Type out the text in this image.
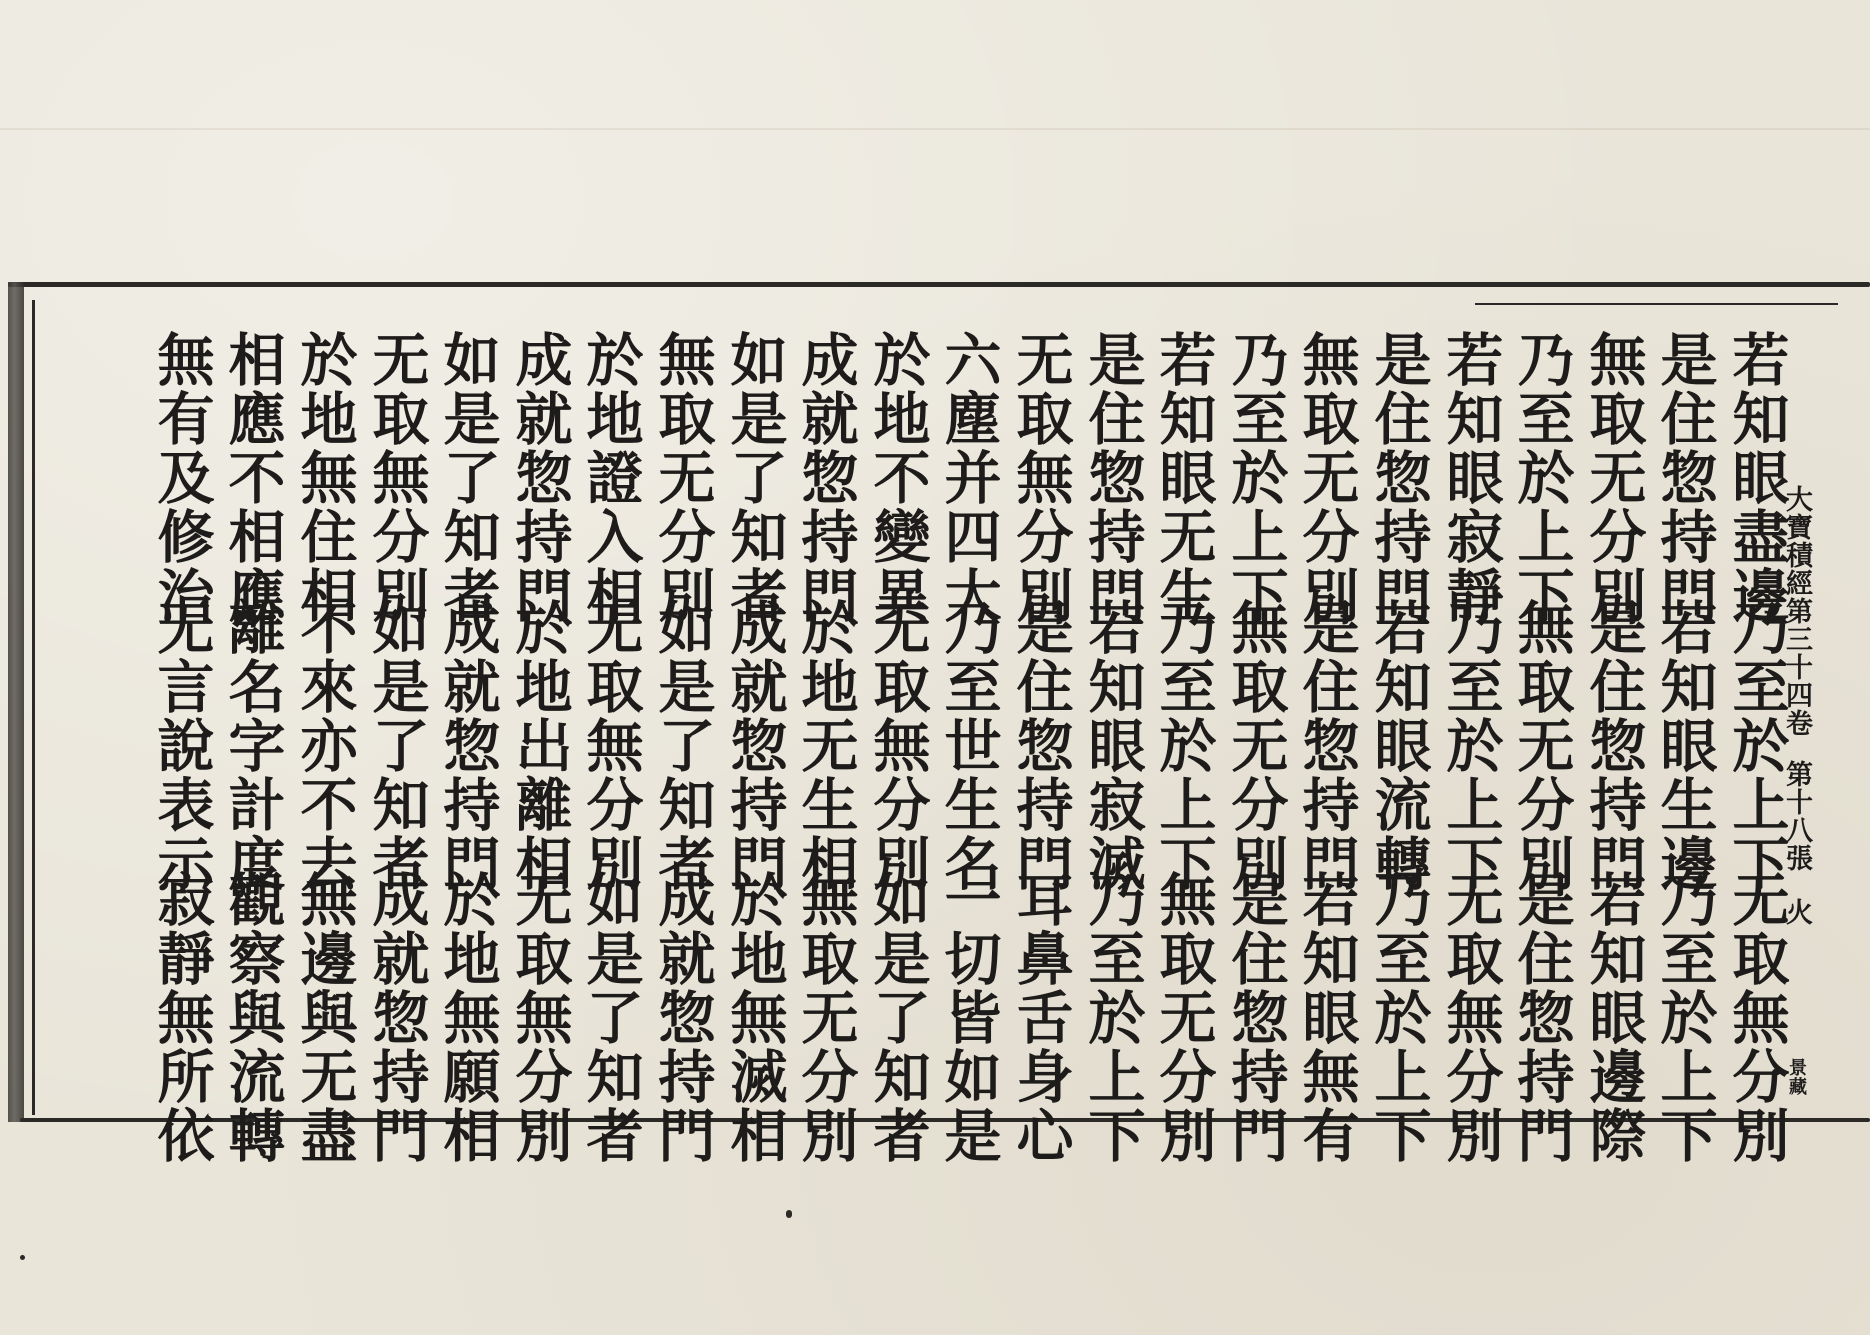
大寶積經第三十四卷
第十八張
火
景藏
若知眼盡邊
乃至於上下
无取無分別
是住惣持門
若知眼生邊
乃至於上下
無取无分別
是住惣持門
若知眼邊際
乃至於上下
無取无分別
是住惣持門
若知眼寂靜
乃至於上下
无取無分別
是住惣持門
若知眼流轉
乃至於上下
無取无分別
是住惣持門
若知眼無有
乃至於上下
無取无分別
是住惣持門
若知眼无生
乃至於上下
無取无分別
是住惣持門
若知眼寂滅
乃至於上下
无取無分別
是住惣持門
耳鼻舌身心
六塵并四大
乃至世生名
一切皆如是
於地不變異
无取無分別
如是了知者
成就惣持門
於地无生相
無取无分別
如是了知者
成就惣持門
於地無滅相
無取无分別
如是了知者
成就惣持門
於地證入相
无取無分別
如是了知者
成就惣持門
於地出離相
无取無分別
如是了知者
成就惣持門
於地無願相
无取無分別
如是了知者
成就惣持門
於地無住相
不來亦不去
無邊與无盡
相應不相應
離名字計度
觀察與流轉
無有及修治
无言說表示
寂靜無所依
